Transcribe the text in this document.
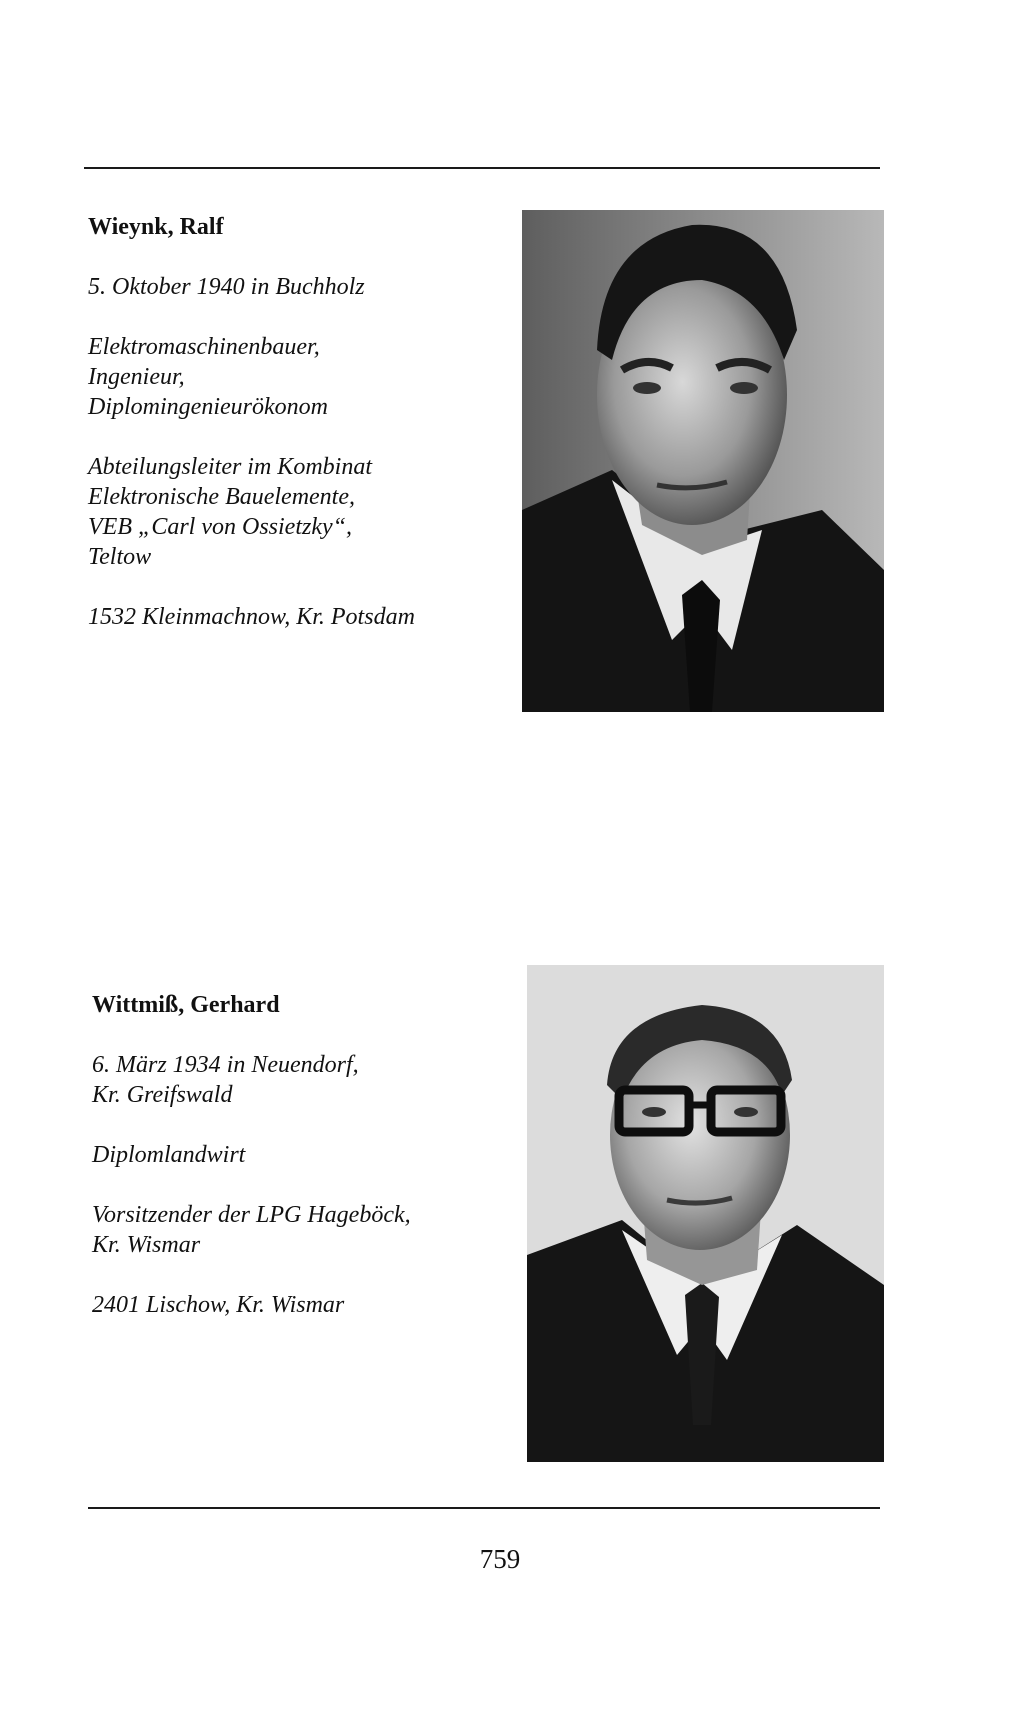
Wieynk, Ralf
5. Oktober 1940 in Buchholz
Elektromaschinenbauer,
Ingenieur,
Diplomingenieurökonom
Abteilungsleiter im Kombinat
Elektronische Bauelemente,
VEB „Carl von Ossietzky“,
Teltow
1532 Kleinmachnow, Kr. Potsdam
Wittmiß, Gerhard
6. März 1934 in Neuendorf,
Kr. Greifswald
Diplomlandwirt
Vorsitzender der LPG Hageböck,
Kr. Wismar
2401 Lischow, Kr. Wismar
759
